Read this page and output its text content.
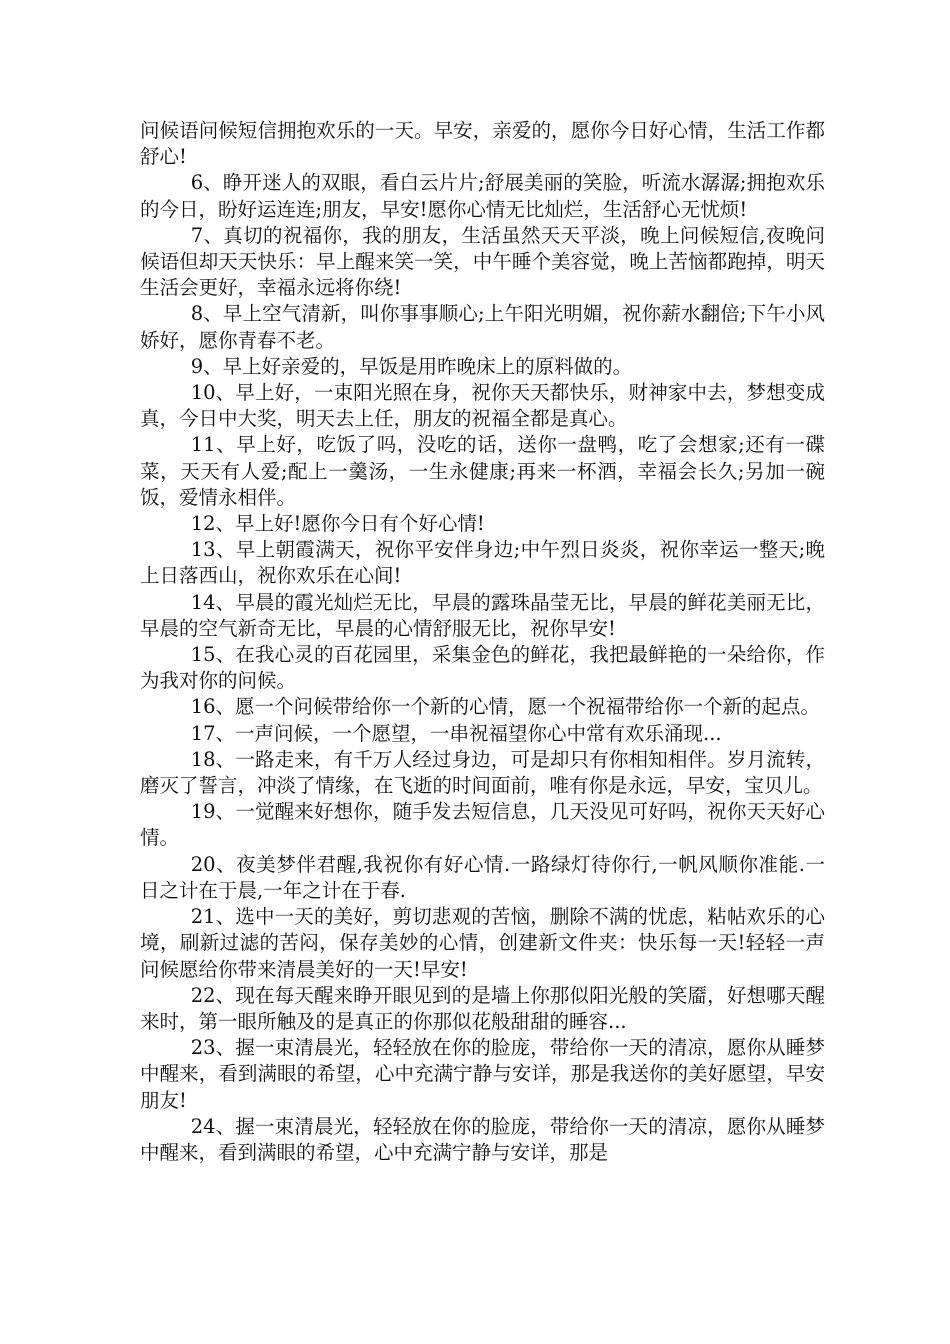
问候语问候短信拥抱欢乐的一天。早安，亲爱的，愿你今日好心情，生活工作都舒心!

6、睁开迷人的双眼，看白云片片;舒展美丽的笑脸，听流水潺潺;拥抱欢乐的今日，盼好运连连;朋友，早安!愿你心情无比灿烂，生活舒心无忧烦!

7、真切的祝福你，我的朋友，生活虽然天天平淡，晚上问候短信,夜晚问候语但却天天快乐：早上醒来笑一笑，中午睡个美容觉，晚上苦恼都跑掉，明天生活会更好，幸福永远将你绕!

8、早上空气清新，叫你事事顺心;上午阳光明媚，祝你薪水翻倍;下午小风娇好，愿你青春不老。

9、早上好亲爱的，早饭是用昨晚床上的原料做的。

10、早上好，一束阳光照在身，祝你天天都快乐，财神家中去，梦想变成真，今日中大奖，明天去上任，朋友的祝福全都是真心。

11、早上好，吃饭了吗，没吃的话，送你一盘鸭，吃了会想家;还有一碟菜，天天有人爱;配上一羹汤，一生永健康;再来一杯酒，幸福会长久;另加一碗饭，爱情永相伴。

12、早上好!愿你今日有个好心情!

13、早上朝霞满天，祝你平安伴身边;中午烈日炎炎，祝你幸运一整天;晚上日落西山，祝你欢乐在心间!

14、早晨的霞光灿烂无比，早晨的露珠晶莹无比，早晨的鲜花美丽无比，早晨的空气新奇无比，早晨的心情舒服无比，祝你早安!

15、在我心灵的百花园里，采集金色的鲜花，我把最鲜艳的一朵给你，作为我对你的问候。

16、愿一个问候带给你一个新的心情，愿一个祝福带给你一个新的起点。

17、一声问候，一个愿望，一串祝福望你心中常有欢乐涌现...

18、一路走来，有千万人经过身边，可是却只有你相知相伴。岁月流转，磨灭了誓言，冲淡了情缘，在飞逝的时间面前，唯有你是永远，早安，宝贝儿。

19、一觉醒来好想你，随手发去短信息，几天没见可好吗，祝你天天好心情。

20、夜美梦伴君醒,我祝你有好心情.一路绿灯待你行,一帆风顺你准能.一日之计在于晨,一年之计在于春.

21、选中一天的美好，剪切悲观的苦恼，删除不满的忧虑，粘帖欢乐的心境，刷新过滤的苦闷，保存美妙的心情，创建新文件夹：快乐每一天!轻轻一声问候愿给你带来清晨美好的一天!早安!

22、现在每天醒来睁开眼见到的是墙上你那似阳光般的笑靥，好想哪天醒来时，第一眼所触及的是真正的你那似花般甜甜的睡容...

23、握一束清晨光，轻轻放在你的脸庞，带给你一天的清凉，愿你从睡梦中醒来，看到满眼的希望，心中充满宁静与安详，那是我送你的美好愿望，早安朋友!

24、握一束清晨光，轻轻放在你的脸庞，带给你一天的清凉，愿你从睡梦中醒来，看到满眼的希望，心中充满宁静与安详，那是
